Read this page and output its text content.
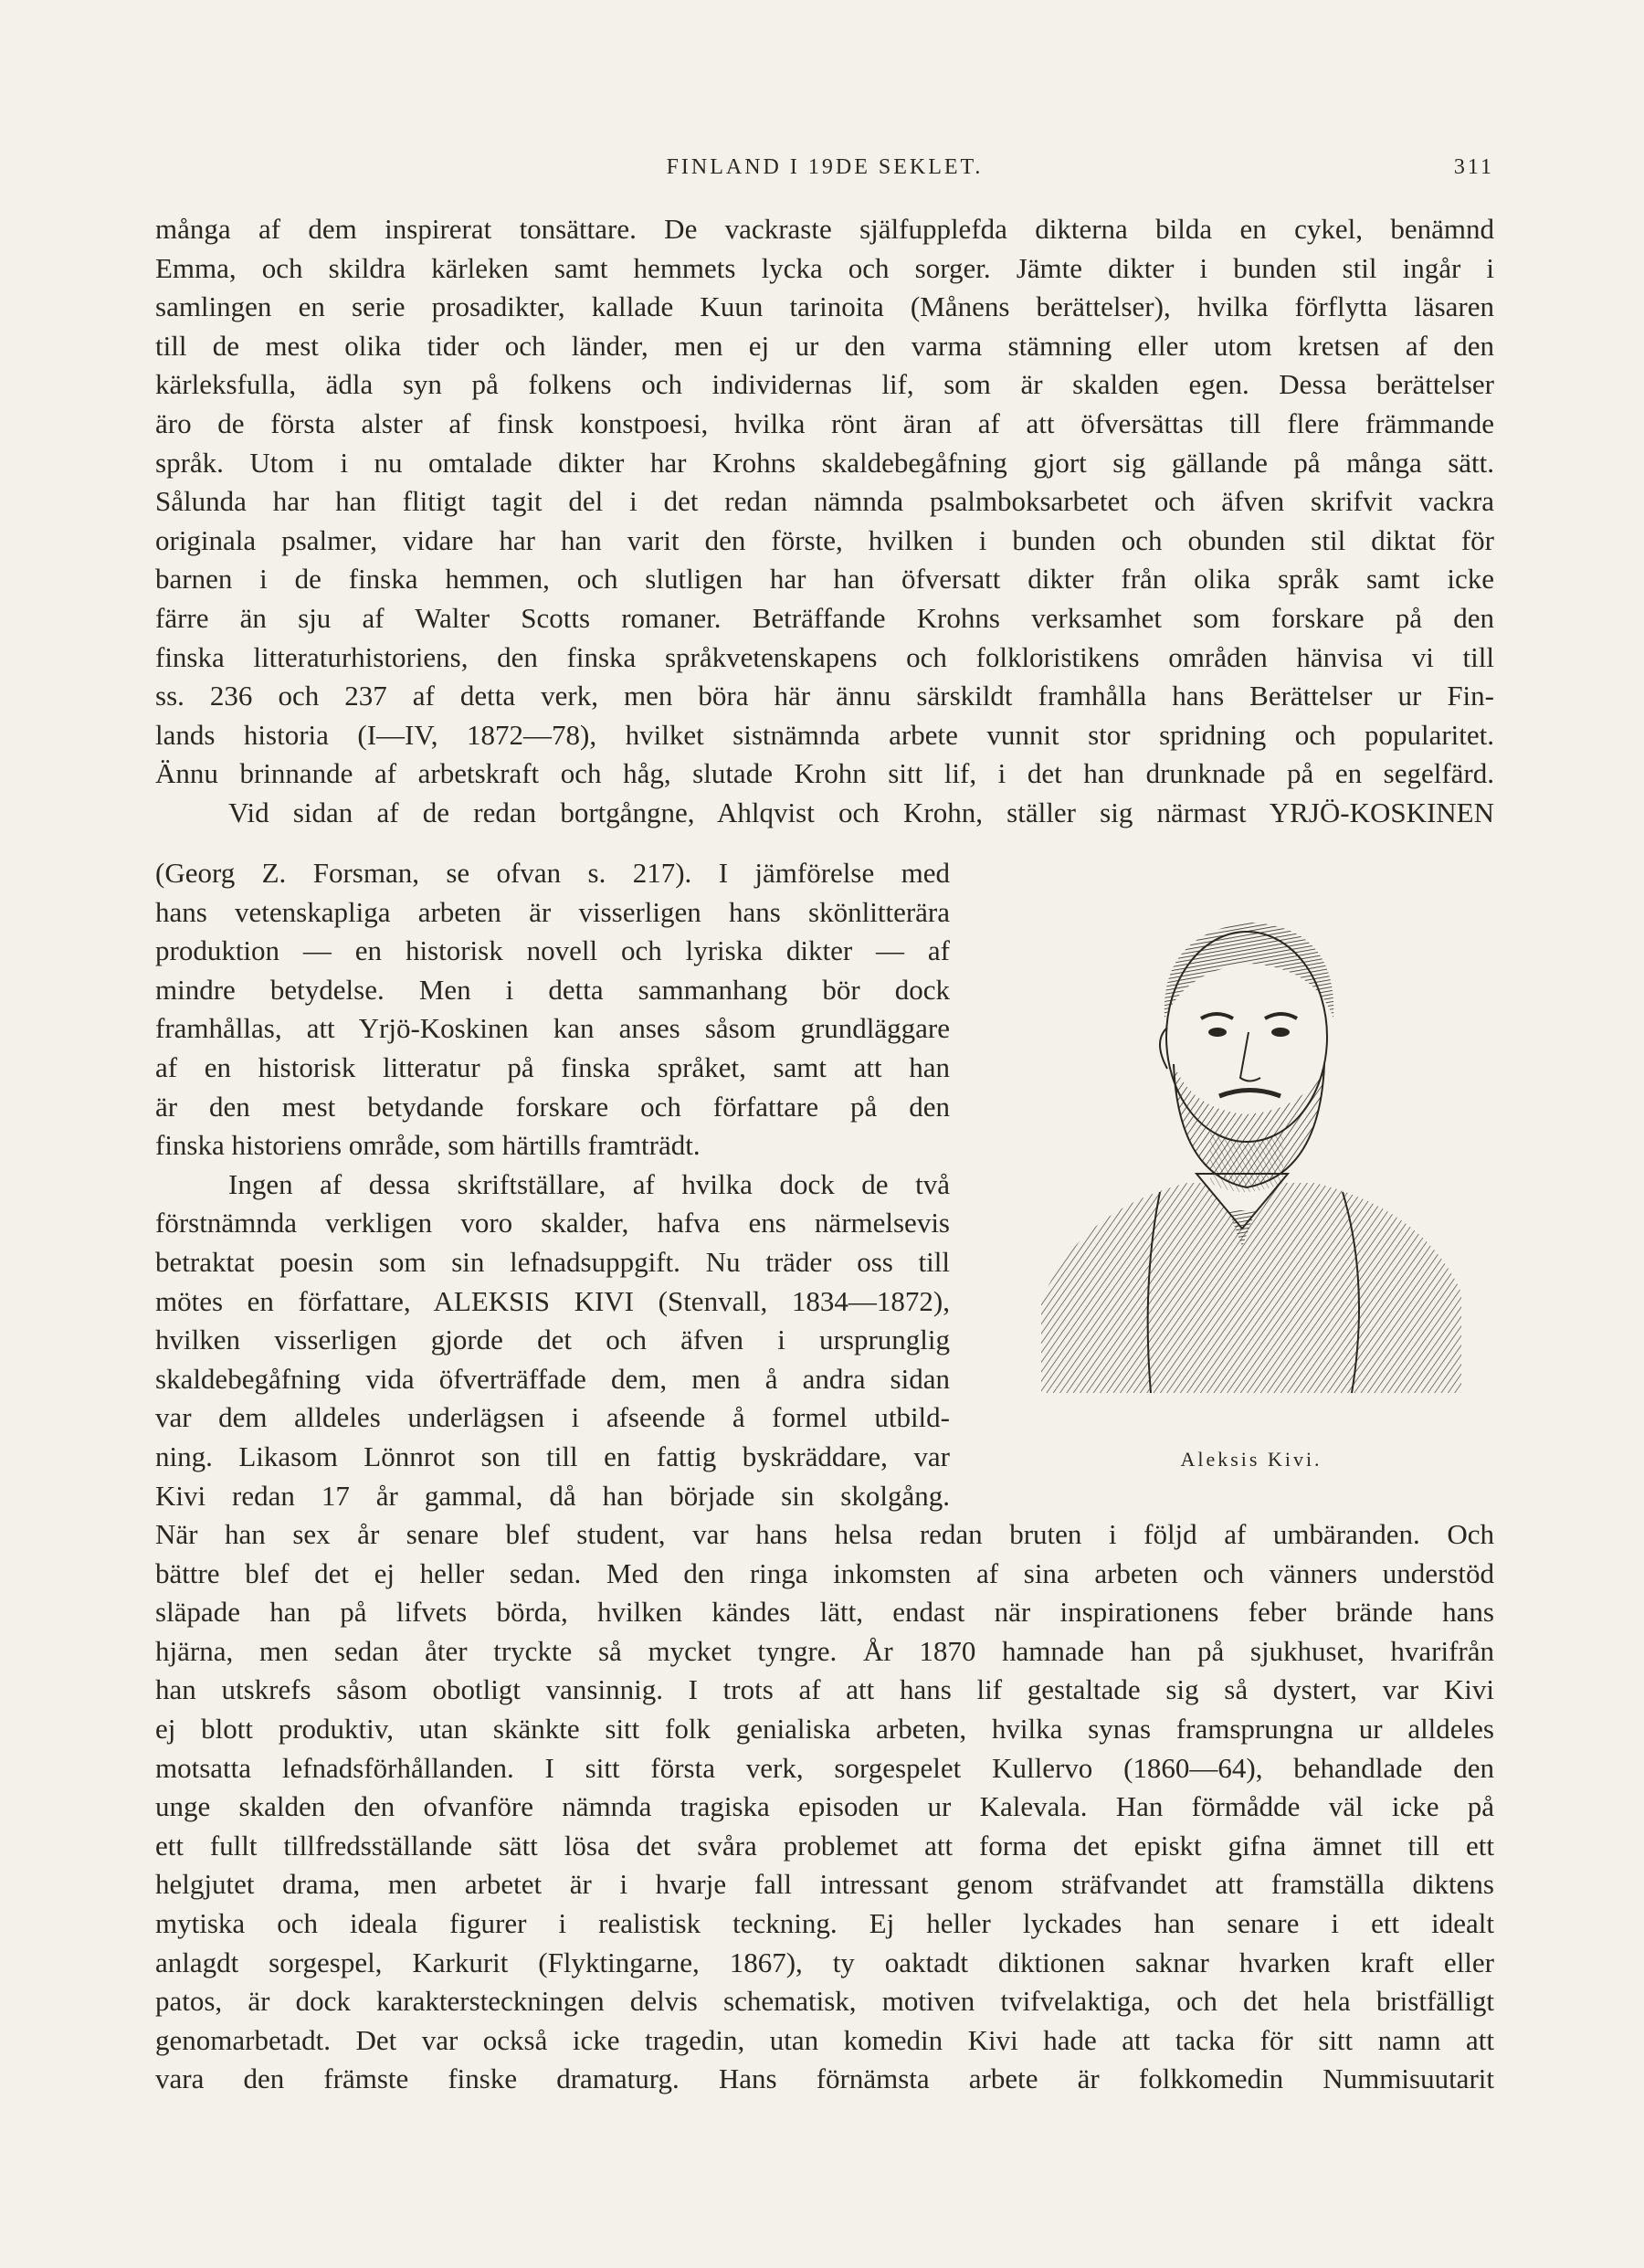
FINLAND I 19DE SEKLET.	311
många af dem inspirerat tonsättare. De vackraste själfupplefda dikterna bilda en cykel, benämnd
Emma, och skildra kärleken samt hemmets lycka och sorger. Jämte dikter i bunden stil ingår i
samlingen en serie prosadikter, kallade Kuun tarinoita (Månens berättelser), hvilka förflytta läsaren
till de mest olika tider och länder, men ej ur den varma stämning eller utom kretsen af den
kärleksfulla, ädla syn på folkens och individernas lif, som är skalden egen. Dessa berättelser
äro de första alster af finsk konstpoesi, hvilka rönt äran af att öfversättas till flere främmande
språk. Utom i nu omtalade dikter har Krohns skaldebegåfning gjort sig gällande på många sätt.
Sålunda har han flitigt tagit del i det redan nämnda psalmboksarbetet och äfven skrifvit vackra
originala psalmer, vidare har han varit den förste, hvilken i bunden och obunden stil diktat för
barnen i de finska hemmen, och slutligen har han öfversatt dikter från olika språk samt icke
färre än sju af Walter Scotts romaner. Beträffande Krohns verksamhet som forskare på den
finska litteraturhistoriens, den finska språkvetenskapens och folkloristikens områden hänvisa vi till
ss. 236 och 237 af detta verk, men böra här ännu särskildt framhålla hans Berättelser ur Fin-
lands historia (I—IV, 1872—78), hvilket sistnämnda arbete vunnit stor spridning och popularitet.
Ännu brinnande af arbetskraft och håg, slutade Krohn sitt lif, i det han drunknade på en segelfärd.
Vid sidan af de redan bortgångne, Ahlqvist och Krohn, ställer sig närmast YRJÖ-KOSKINEN
(Georg Z. Forsman, se ofvan s. 217). I jämförelse med
hans vetenskapliga arbeten är visserligen hans skönlitterära
produktion — en historisk novell och lyriska dikter — af
mindre betydelse. Men i detta sammanhang bör dock
framhållas, att Yrjö-Koskinen kan anses såsom grundläggare
af en historisk litteratur på finska språket, samt att han
är den mest betydande forskare och författare på den
finska historiens område, som härtills framträdt.
Ingen af dessa skriftställare, af hvilka dock de två
förstnämnda verkligen voro skalder, hafva ens närmelsevis
betraktat poesin som sin lefnadsuppgift. Nu träder oss till
mötes en författare, ALEKSIS KIVI (Stenvall, 1834—1872),
hvilken visserligen gjorde det och äfven i ursprunglig
skaldebegåfning vida öfverträffade dem, men å andra sidan
var dem alldeles underlägsen i afseende å formel utbild-
ning. Likasom Lönnrot son till en fattig byskräddare, var
Kivi redan 17 år gammal, då han började sin skolgång.
Aleksis Kivi.
När han sex år senare blef student, var hans helsa redan bruten i följd af umbäranden. Och
bättre blef det ej heller sedan. Med den ringa inkomsten af sina arbeten och vänners understöd
släpade han på lifvets börda, hvilken kändes lätt, endast när inspirationens feber brände hans
hjärna, men sedan åter tryckte så mycket tyngre. År 1870 hamnade han på sjukhuset, hvarifrån
han utskrefs såsom obotligt vansinnig. I trots af att hans lif gestaltade sig så dystert, var Kivi
ej blott produktiv, utan skänkte sitt folk genialiska arbeten, hvilka synas framsprungna ur alldeles
motsatta lefnadsförhållanden. I sitt första verk, sorgespelet Kullervo (1860—64), behandlade den
unge skalden den ofvanföre nämnda tragiska episoden ur Kalevala. Han förmådde väl icke på
ett fullt tillfredsställande sätt lösa det svåra problemet att forma det episkt gifna ämnet till ett
helgjutet drama, men arbetet är i hvarje fall intressant genom sträfvandet att framställa diktens
mytiska och ideala figurer i realistisk teckning. Ej heller lyckades han senare i ett idealt
anlagdt sorgespel, Karkurit (Flyktingarne, 1867), ty oaktadt diktionen saknar hvarken kraft eller
patos, är dock karaktersteckningen delvis schematisk, motiven tvifvelaktiga, och det hela bristfälligt
genomarbetadt. Det var också icke tragedin, utan komedin Kivi hade att tacka för sitt namn att
vara den främste finske dramaturg. Hans förnämsta arbete är folkkomedin Nummisuutarit
